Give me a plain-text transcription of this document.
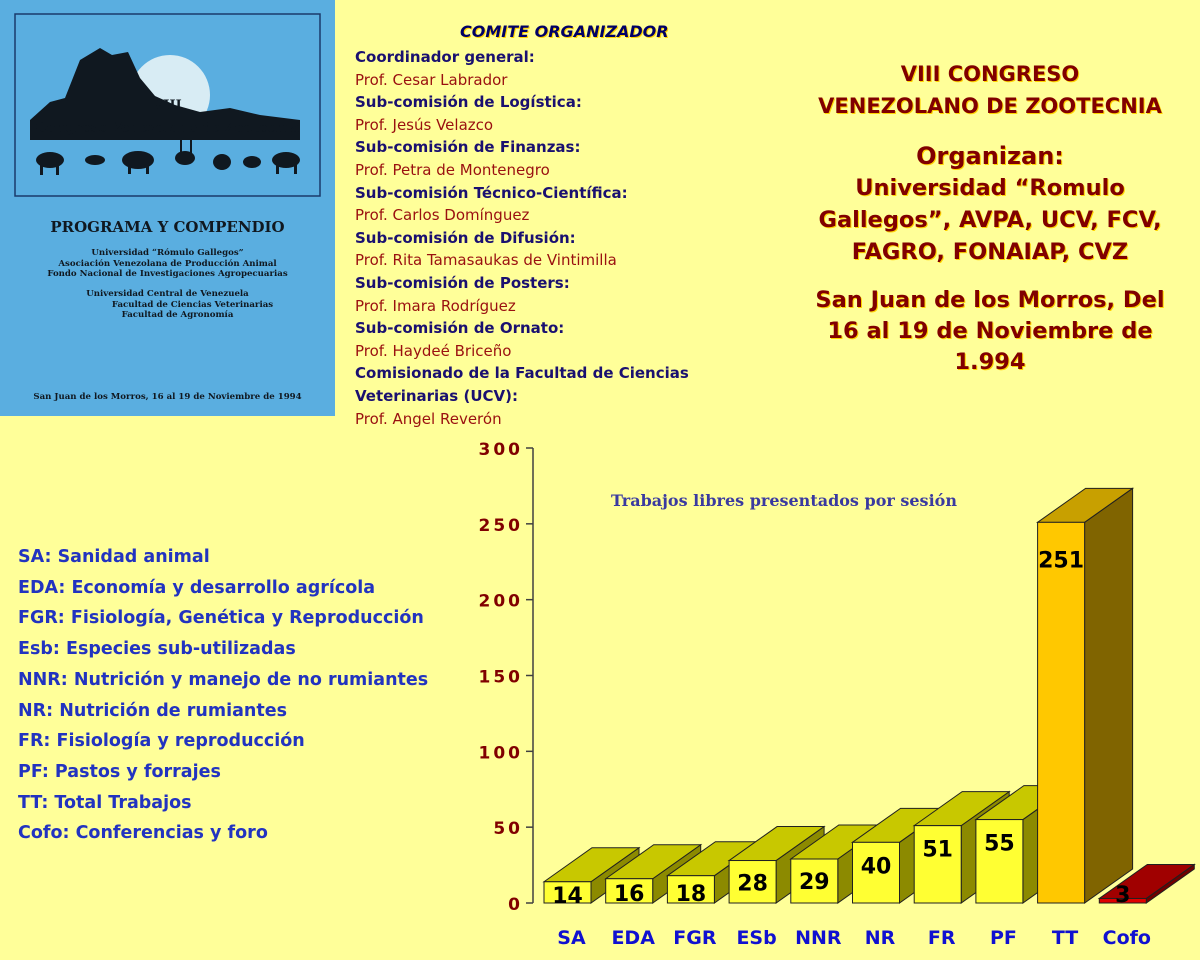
VIII
Congreso Venezolano de Zootecnia
PROGRAMA Y COMPENDIO
Universidad “Rómulo Gallegos”
Asociación Venezolana de Producción Animal
Fondo Nacional de Investigaciones Agropecuarias
Universidad Central de Venezuela
Facultad de Ciencias Veterinarias
Facultad de Agronomía
San Juan de los Morros, 16 al 19 de Noviembre de 1994
COMITE ORGANIZADOR
Coordinador general:
Prof. Cesar Labrador
Sub-comisión de Logística:
Prof. Jesús Velazco
Sub-comisión de Finanzas:
Prof. Petra de Montenegro
Sub-comisión Técnico-Científica:
Prof. Carlos Domínguez
Sub-comisión de Difusión:
Prof. Rita Tamasaukas de Vintimilla
Sub-comisión de Posters:
Prof. Imara Rodríguez
Sub-comisión de Ornato:
Prof. Haydeé Briceño
Comisionado de la Facultad de Ciencias
Veterinarias (UCV):
Prof. Angel Reverón
VIII CONGRESO
VENEZOLANO DE ZOOTECNIA
Organizan:
Universidad “Romulo
Gallegos”, AVPA, UCV, FCV,
FAGRO, FONAIAP, CVZ
San Juan de los Morros, Del
16 al 19 de Noviembre de
1.994
SA: Sanidad animal
EDA: Economía y desarrollo agrícola
FGR: Fisiología, Genética y Reproducción
Esb: Especies sub-utilizadas
NNR: Nutrición y manejo de no rumiantes
NR: Nutrición de rumiantes
FR: Fisiología y reproducción
PF: Pastos y forrajes
TT: Total Trabajos
Cofo: Conferencias y foro
0
50
100
150
200
250
300
Trabajos libres presentados por sesión
14
SA
16
EDA
18
FGR
28
ESb
29
NNR
40
NR
51
FR
55
PF
251
TT
3
Cofo
